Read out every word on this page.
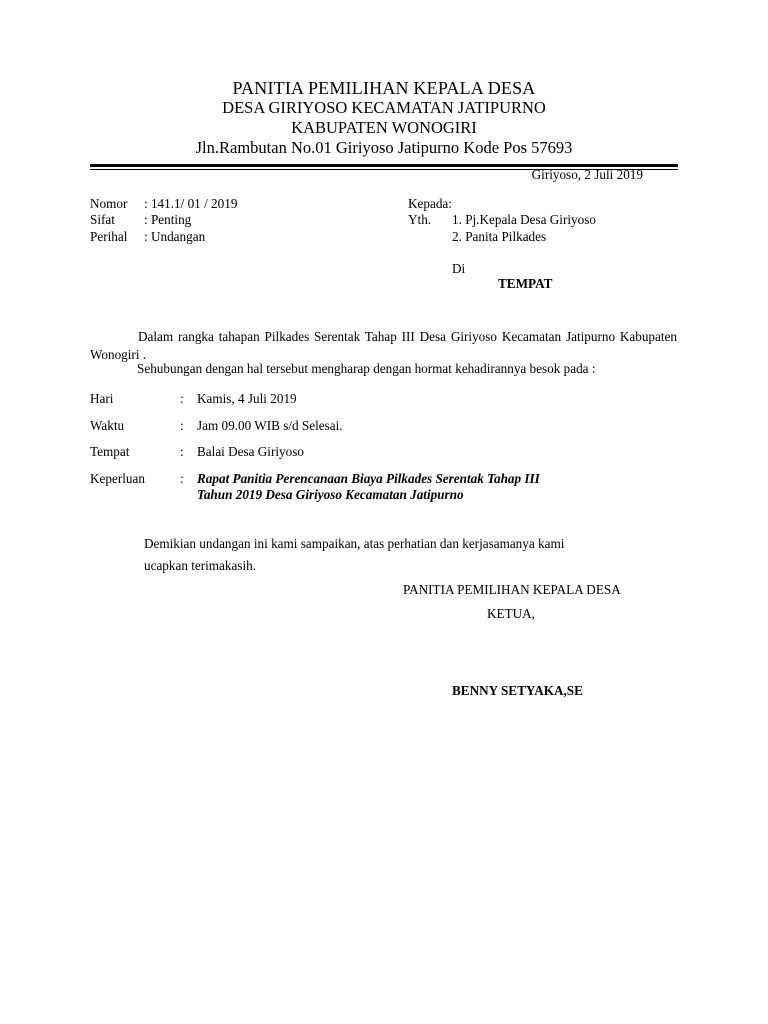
PANITIA PEMILIHAN KEPALA DESA
DESA GIRIYOSO KECAMATAN JATIPURNO
KABUPATEN WONOGIRI
Jln.Rambutan No.01 Giriyoso Jatipurno Kode Pos 57693
Giriyoso, 2 Juli 2019
Nomor : 141.1/ 01 / 2019
Sifat : Penting
Perihal : Undangan
Kepada:
Yth. 1. Pj.Kepala Desa Giriyoso
2. Panita Pilkades
Di
TEMPAT
Dalam rangka tahapan Pilkades Serentak Tahap III Desa Giriyoso Kecamatan Jatipurno Kabupaten Wonogiri .
Sehubungan dengan hal tersebut mengharap dengan hormat kehadirannya besok pada :
Hari	: Kamis, 4 Juli 2019
Waktu	: Jam 09.00 WIB s/d Selesai.
Tempat	: Balai Desa Giriyoso
Keperluan	: Rapat Panitia Perencanaan Biaya Pilkades Serentak Tahap III
Tahun 2019 Desa Giriyoso Kecamatan Jatipurno
Demikian undangan ini kami sampaikan, atas perhatian dan kerjasamanya kami
ucapkan terimakasih.
PANITIA PEMILIHAN KEPALA DESA
KETUA,
BENNY SETYAKA,SE
